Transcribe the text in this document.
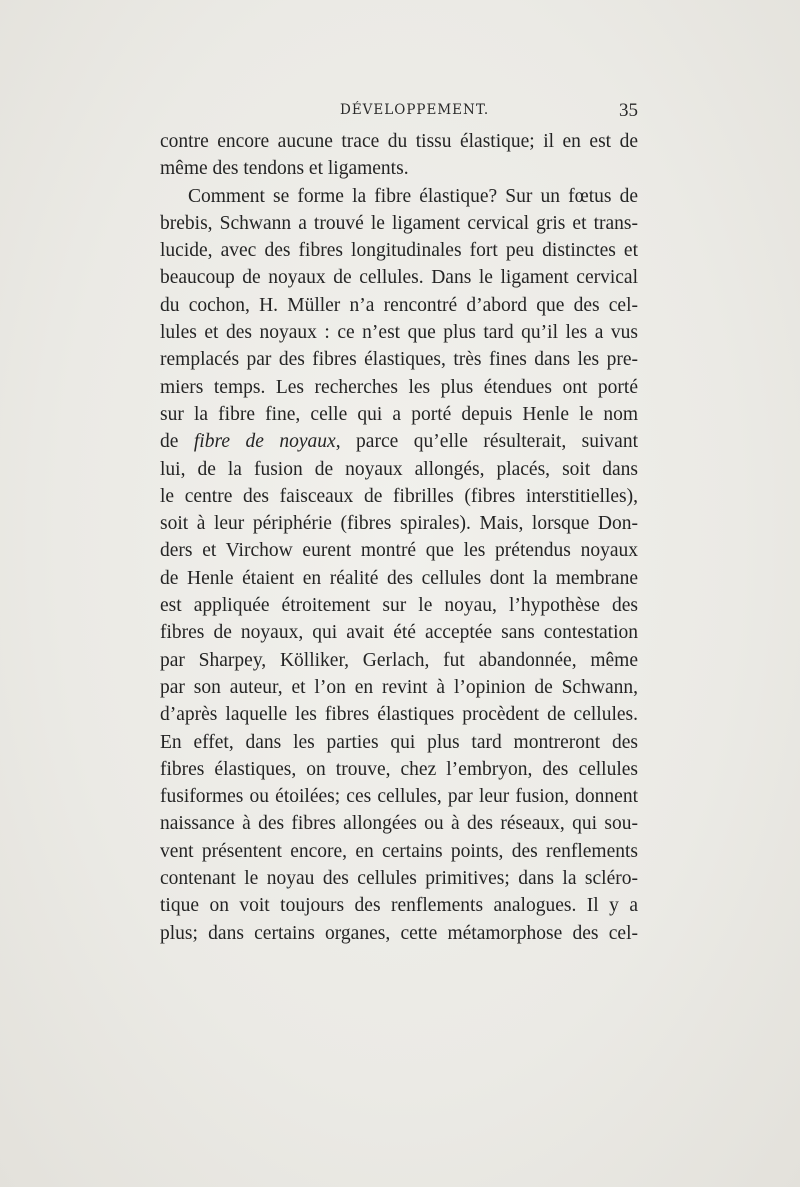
DÉVELOPPEMENT.	35
contre encore aucune trace du tissu élastique; il en est de
même des tendons et ligaments.
Comment se forme la fibre élastique? Sur un fœtus de
brebis, Schwann a trouvé le ligament cervical gris et trans-
lucide, avec des fibres longitudinales fort peu distinctes et
beaucoup de noyaux de cellules. Dans le ligament cervical
du cochon, H. Müller n’a rencontré d’abord que des cel-
lules et des noyaux : ce n’est que plus tard qu’il les a vus
remplacés par des fibres élastiques, très fines dans les pre-
miers temps. Les recherches les plus étendues ont porté
sur la fibre fine, celle qui a porté depuis Henle le nom
de fibre de noyaux, parce qu’elle résulterait, suivant
lui, de la fusion de noyaux allongés, placés, soit dans
le centre des faisceaux de fibrilles (fibres interstitielles),
soit à leur périphérie (fibres spirales). Mais, lorsque Don-
ders et Virchow eurent montré que les prétendus noyaux
de Henle étaient en réalité des cellules dont la membrane
est appliquée étroitement sur le noyau, l’hypothèse des
fibres de noyaux, qui avait été acceptée sans contestation
par Sharpey, Kölliker, Gerlach, fut abandonnée, même
par son auteur, et l’on en revint à l’opinion de Schwann,
d’après laquelle les fibres élastiques procèdent de cellules.
En effet, dans les parties qui plus tard montreront des
fibres élastiques, on trouve, chez l’embryon, des cellules
fusiformes ou étoilées; ces cellules, par leur fusion, donnent
naissance à des fibres allongées ou à des réseaux, qui sou-
vent présentent encore, en certains points, des renflements
contenant le noyau des cellules primitives; dans la scléro-
tique on voit toujours des renflements analogues. Il y a
plus; dans certains organes, cette métamorphose des cel-
